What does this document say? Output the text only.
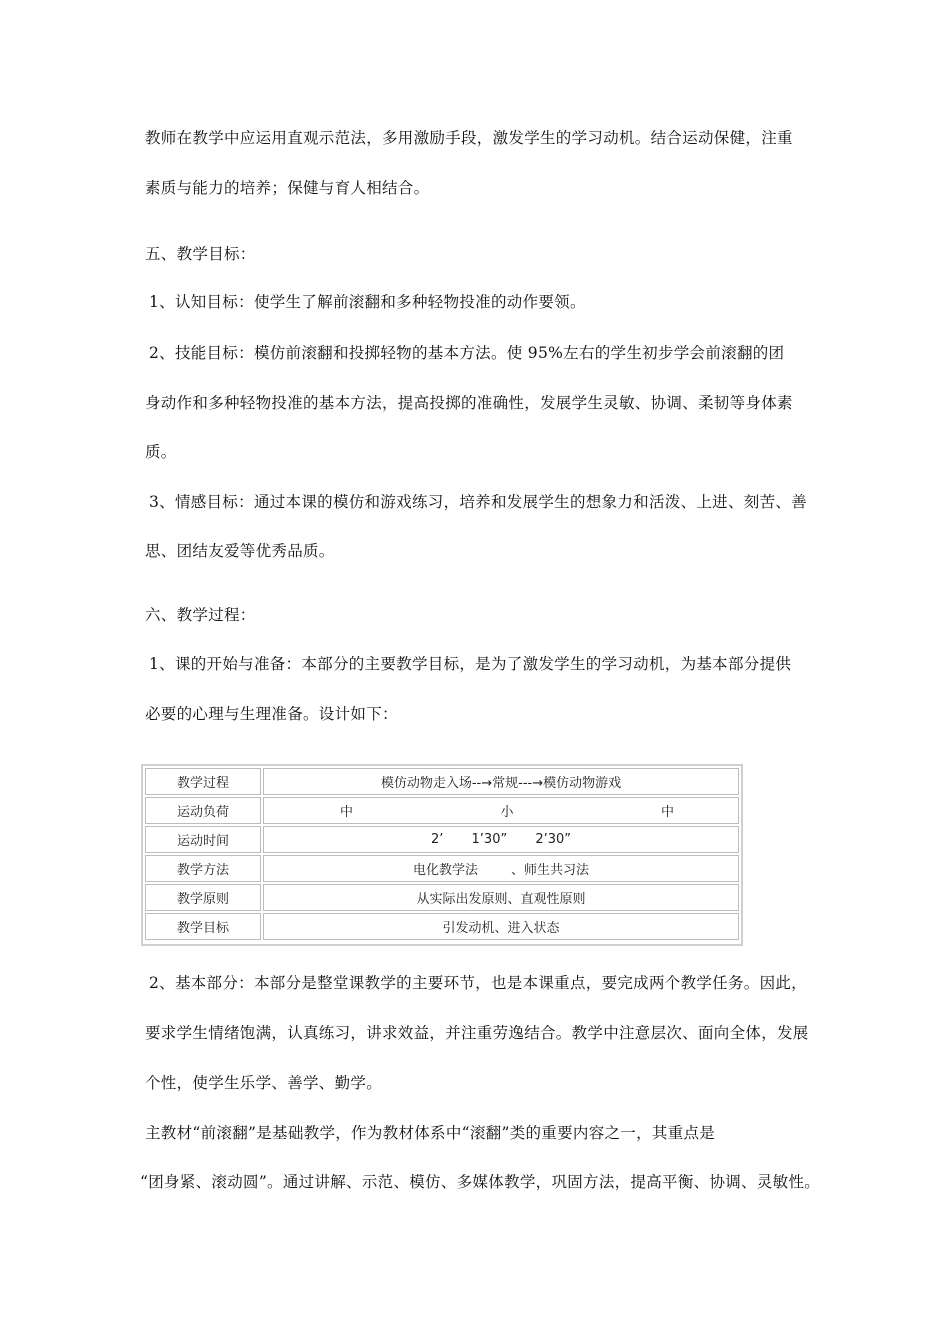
教师在教学中应运用直观示范法，多用激励手段，激发学生的学习动机。结合运动保健，注重

素质与能力的培养；保健与育人相结合。

五、教学目标：

1、认知目标：使学生了解前滚翻和多种轻物投准的动作要领。

2、技能目标：模仿前滚翻和投掷轻物的基本方法。使 95%左右的学生初步学会前滚翻的团

身动作和多种轻物投准的基本方法，提高投掷的准确性，发展学生灵敏、协调、柔韧等身体素

质。

3、情感目标：通过本课的模仿和游戏练习，培养和发展学生的想象力和活泼、上进、刻苦、善

思、团结友爱等优秀品质。

六、教学过程：

1、课的开始与准备：本部分的主要教学目标，是为了激发学生的学习动机，为基本部分提供

必要的心理与生理准备。设计如下：

教学过程	模仿动物走入场--→常规---→模仿动物游戏
运动负荷	中 小 中

运动时间	2’ 1’30” 2’30”
教学方法	电化教学法        、师生共习法
教学原则	从实际出发原则、直观性原则
教学目标	引发动机、进入状态

2、基本部分：本部分是整堂课教学的主要环节，也是本课重点，要完成两个教学任务。因此，

要求学生情绪饱满，认真练习，讲求效益，并注重劳逸结合。教学中注意层次、面向全体，发展

个性，使学生乐学、善学、勤学。

主教材“前滚翻”是基础教学，作为教材体系中“滚翻”类的重要内容之一，其重点是

“团身紧、滚动圆”。通过讲解、示范、模仿、多媒体教学，巩固方法，提高平衡、协调、灵敏性。
